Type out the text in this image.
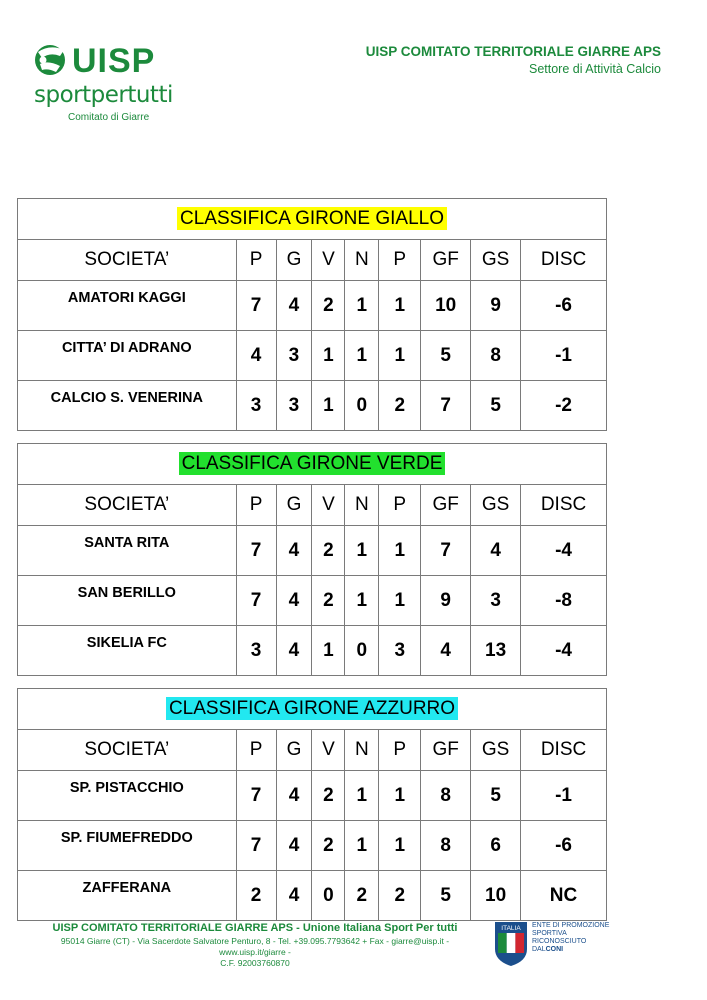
UISP
sportpertutti
Comitato di Giarre
UISP COMITATO TERRITORIALE GIARRE APS
Settore di Attività Calcio
CLASSIFICA GIRONE GIALLO								
SOCIETA’	P	G	V	N	P	GF	GS	DISC
AMATORI KAGGI	7	4	2	1	1	10	9	-6
CITTA’ DI ADRANO	4	3	1	1	1	5	8	-1
CALCIO S. VENERINA	3	3	1	0	2	7	5	-2
CLASSIFICA GIRONE VERDE								
SOCIETA’	P	G	V	N	P	GF	GS	DISC
SANTA RITA	7	4	2	1	1	7	4	-4
SAN BERILLO	7	4	2	1	1	9	3	-8
SIKELIA FC	3	4	1	0	3	4	13	-4
CLASSIFICA GIRONE AZZURRO								
SOCIETA’	P	G	V	N	P	GF	GS	DISC
SP. PISTACCHIO	7	4	2	1	1	8	5	-1
SP. FIUMEFREDDO	7	4	2	1	1	8	6	-6
ZAFFERANA	2	4	0	2	2	5	10	NC
UISP COMITATO TERRITORIALE GIARRE APS - Unione Italiana Sport Per tutti
95014 Giarre (CT) - Via Sacerdote Salvatore Penturo, 8 - Tel. +39.095.7793642 + Fax - giarre@uisp.it - www.uisp.it/giarre -
C.F. 92003760870
ITALIA ENTE DI PROMOZIONE
SPORTIVA
RICONOSCIUTO
DALCONI
